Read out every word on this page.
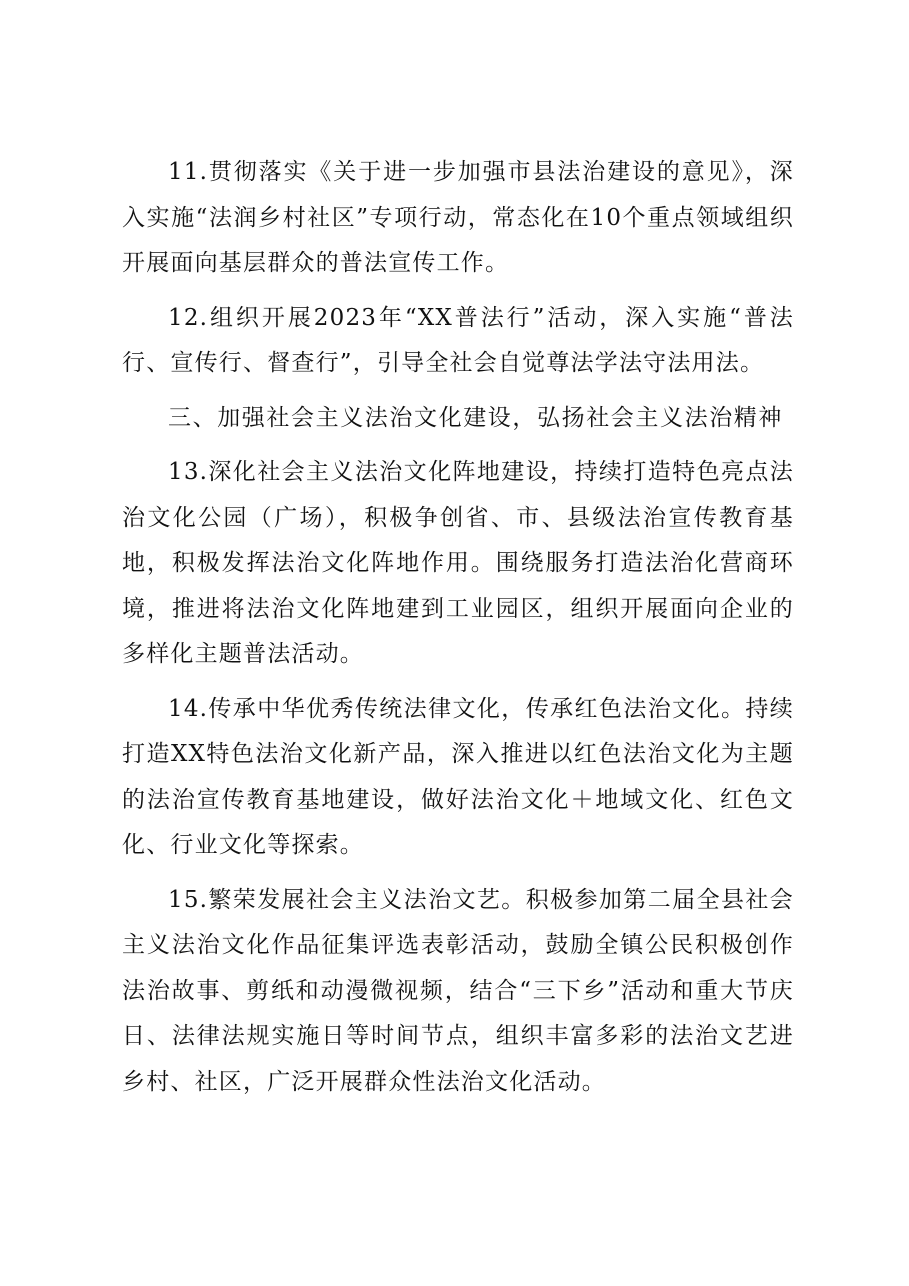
11.贯彻落实《关于进一步加强市县法治建设的意见》，深入实施“法润乡村社区”专项行动，常态化在10个重点领域组织开展面向基层群众的普法宣传工作。

12.组织开展2023年“XX普法行”活动，深入实施“普法行、宣传行、督查行”，引导全社会自觉尊法学法守法用法。

三、加强社会主义法治文化建设，弘扬社会主义法治精神

13.深化社会主义法治文化阵地建设，持续打造特色亮点法治文化公园（广场），积极争创省、市、县级法治宣传教育基地，积极发挥法治文化阵地作用。围绕服务打造法治化营商环境，推进将法治文化阵地建到工业园区，组织开展面向企业的多样化主题普法活动。

14.传承中华优秀传统法律文化，传承红色法治文化。持续打造XX特色法治文化新产品，深入推进以红色法治文化为主题的法治宣传教育基地建设，做好法治文化＋地域文化、红色文化、行业文化等探索。

15.繁荣发展社会主义法治文艺。积极参加第二届全县社会主义法治文化作品征集评选表彰活动，鼓励全镇公民积极创作法治故事、剪纸和动漫微视频，结合“三下乡”活动和重大节庆日、法律法规实施日等时间节点，组织丰富多彩的法治文艺进乡村、社区，广泛开展群众性法治文化活动。
